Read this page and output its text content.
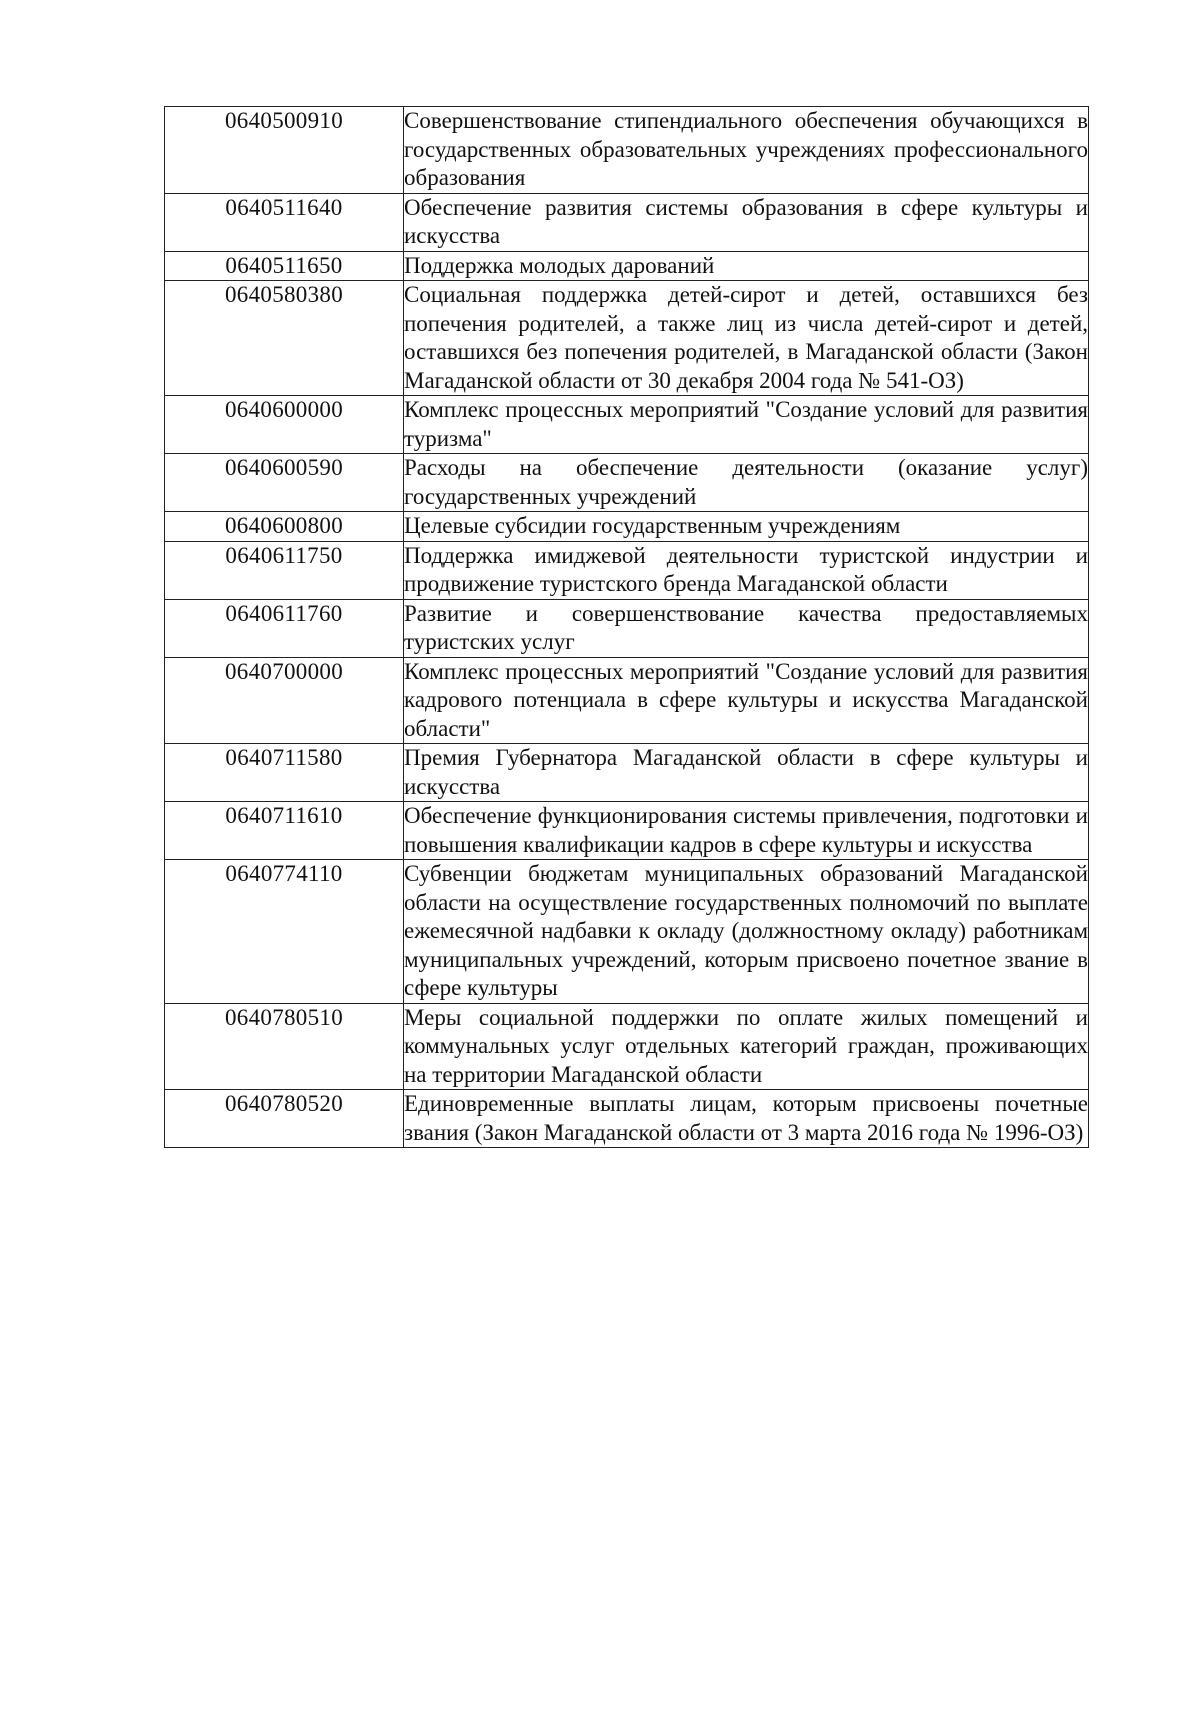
0640500910	Совершенствование стипендиального обеспечения обучающихся в государственных образовательных учреждениях профессионального образования
0640511640	Обеспечение развития системы образования в сфере культуры и искусства
0640511650	Поддержка молодых дарований
0640580380	Социальная поддержка детей-сирот и детей, оставшихся без попечения родителей, а также лиц из числа детей-сирот и детей, оставшихся без попечения родителей, в Магаданской области (Закон Магаданской области от 30 декабря 2004 года № 541-ОЗ)
0640600000	Комплекс процессных мероприятий "Создание условий для развития туризма"
0640600590	Расходы на обеспечение деятельности (оказание услуг) государственных учреждений
0640600800	Целевые субсидии государственным учреждениям
0640611750	Поддержка имиджевой деятельности туристской индустрии и продвижение туристского бренда Магаданской области
0640611760	Развитие и совершенствование качества предоставляемых туристских услуг
0640700000	Комплекс процессных мероприятий "Создание условий для развития кадрового потенциала в сфере культуры и искусства Магаданской области"
0640711580	Премия Губернатора Магаданской области в сфере культуры и искусства
0640711610	Обеспечение функционирования системы привлечения, подготовки и повышения квалификации кадров в сфере культуры и искусства
0640774110	Субвенции бюджетам муниципальных образований Магаданской области на осуществление государственных полномочий по выплате ежемесячной надбавки к окладу (должностному окладу) работникам муниципальных учреждений, которым присвоено почетное звание в сфере культуры
0640780510	Меры социальной поддержки по оплате жилых помещений и коммунальных услуг отдельных категорий граждан, проживающих на территории Магаданской области
0640780520	Единовременные выплаты лицам, которым присвоены почетные звания (Закон Магаданской области от 3 марта 2016 года № 1996-ОЗ)
